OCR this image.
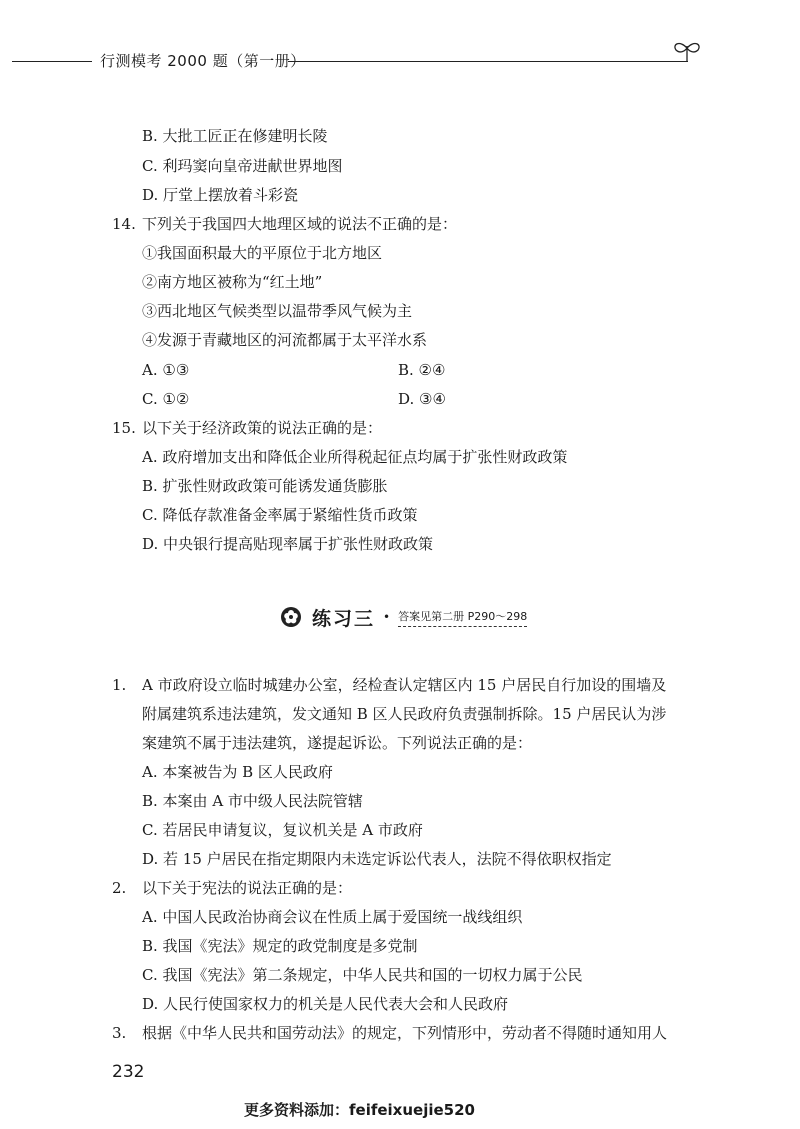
行测模考 2000 题（第一册）
B. 大批工匠正在修建明长陵
C. 利玛窦向皇帝进献世界地图
D. 厅堂上摆放着斗彩瓷
14. 下列关于我国四大地理区域的说法不正确的是：
①我国面积最大的平原位于北方地区
②南方地区被称为“红土地”
③西北地区气候类型以温带季风气候为主
④发源于青藏地区的河流都属于太平洋水系
A. ①③	B. ②④
C. ①②	D. ③④
15. 以下关于经济政策的说法正确的是：
A. 政府增加支出和降低企业所得税起征点均属于扩张性财政政策
B. 扩张性财政政策可能诱发通货膨胀
C. 降低存款准备金率属于紧缩性货币政策
D. 中央银行提高贴现率属于扩张性财政政策
练习三 • 答案见第二册 P290～298
1. A 市政府设立临时城建办公室，经检查认定辖区内 15 户居民自行加设的围墙及
附属建筑系违法建筑，发文通知 B 区人民政府负责强制拆除。15 户居民认为涉
案建筑不属于违法建筑，遂提起诉讼。下列说法正确的是：
A. 本案被告为 B 区人民政府
B. 本案由 A 市中级人民法院管辖
C. 若居民申请复议，复议机关是 A 市政府
D. 若 15 户居民在指定期限内未选定诉讼代表人，法院不得依职权指定
2. 以下关于宪法的说法正确的是：
A. 中国人民政治协商会议在性质上属于爱国统一战线组织
B. 我国《宪法》规定的政党制度是多党制
C. 我国《宪法》第二条规定，中华人民共和国的一切权力属于公民
D. 人民行使国家权力的机关是人民代表大会和人民政府
3. 根据《中华人民共和国劳动法》的规定，下列情形中，劳动者不得随时通知用人
232
更多资料添加：feifeixuejie520
